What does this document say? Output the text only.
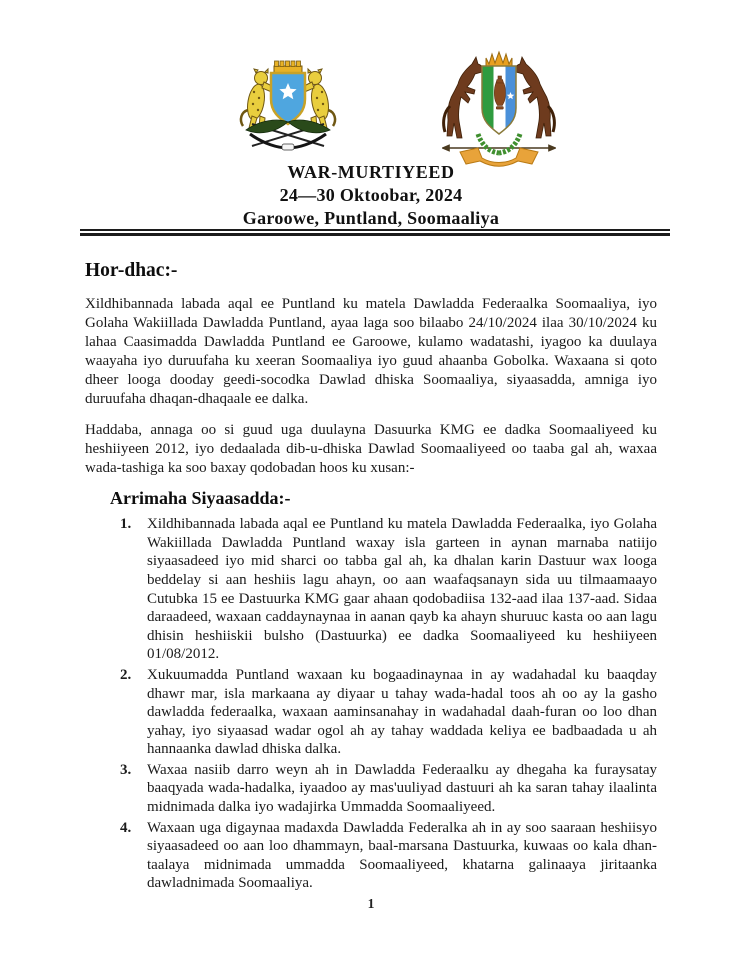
WAR-MURTIYEED
24—30 Oktoobar, 2024
Garoowe, Puntland, Soomaaliya
Hor-dhac:-

Xildhibannada labada aqal ee Puntland ku matela Dawladda Federaalka Soomaaliya, iyo Golaha Wakiillada Dawladda Puntland, ayaa laga soo bilaabo 24/10/2024 ilaa 30/10/2024 ku lahaa Caasimadda Dawladda Puntland ee Garoowe, kulamo wadatashi, iyagoo ka duulaya waayaha iyo duruufaha ku xeeran Soomaaliya iyo guud ahaanba Gobolka. Waxaana si qoto dheer looga dooday geedi-socodka Dawlad dhiska Soomaaliya, siyaasadda, amniga iyo duruufaha dhaqan-dhaqaale ee dalka.

Haddaba, annaga oo si guud uga duulayna Dasuurka KMG ee dadka Soomaaliyeed ku heshiiyeen 2012, iyo dedaalada dib-u-dhiska Dawlad Soomaaliyeed oo taaba gal ah, waxaa wada-tashiga ka soo baxay qodobadan hoos ku xusan:-

Arrimaha Siyaasadda:-
1. Xildhibannada labada aqal ee Puntland ku matela Dawladda Federaalka, iyo Golaha Wakiillada Dawladda Puntland waxay isla garteen in aynan marnaba natiijo siyaasadeed iyo mid sharci oo tabba gal ah, ka dhalan karin Dastuur wax looga beddelay si aan heshiis lagu ahayn, oo aan waafaqsanayn sida uu tilmaamaayo Cutubka 15 ee Dastuurka KMG gaar ahaan qodobadiisa 132-aad ilaa 137-aad. Sidaa daraadeed, waxaan caddaynaynaa in aanan qayb ka ahayn shuruuc kasta oo aan lagu dhisin heshiiskii bulsho (Dastuurka) ee dadka Soomaaliyeed ku heshiiyeen 01/08/2012.
2. Xukuumadda Puntland waxaan ku bogaadinaynaa in ay wadahadal ku baaqday dhawr mar, isla markaana ay diyaar u tahay wada-hadal toos ah oo ay la gasho dawladda federaalka, waxaan aaminsanahay in wadahadal daah-furan oo loo dhan yahay, iyo siyaasad wadar ogol ah ay tahay waddada keliya ee badbaadada u ah hannaanka dawlad dhiska dalka.
3. Waxaa nasiib darro weyn ah in Dawladda Federaalku ay dhegaha ka furaysatay baaqyada wada-hadalka, iyaadoo ay mas'uuliyad dastuuri ah ka saran tahay ilaalinta midnimada dalka iyo wadajirka Ummadda Soomaaliyeed.
4. Waxaan uga digaynaa madaxda Dawladda Federalka ah in ay soo saaraan heshiisyo siyaasadeed oo aan loo dhammayn, baal-marsana Dastuurka, kuwaas oo kala dhan-taalaya midnimada ummadda Soomaaliyeed, khatarna galinaaya jiritaanka dawladnimada Soomaaliya.
1
